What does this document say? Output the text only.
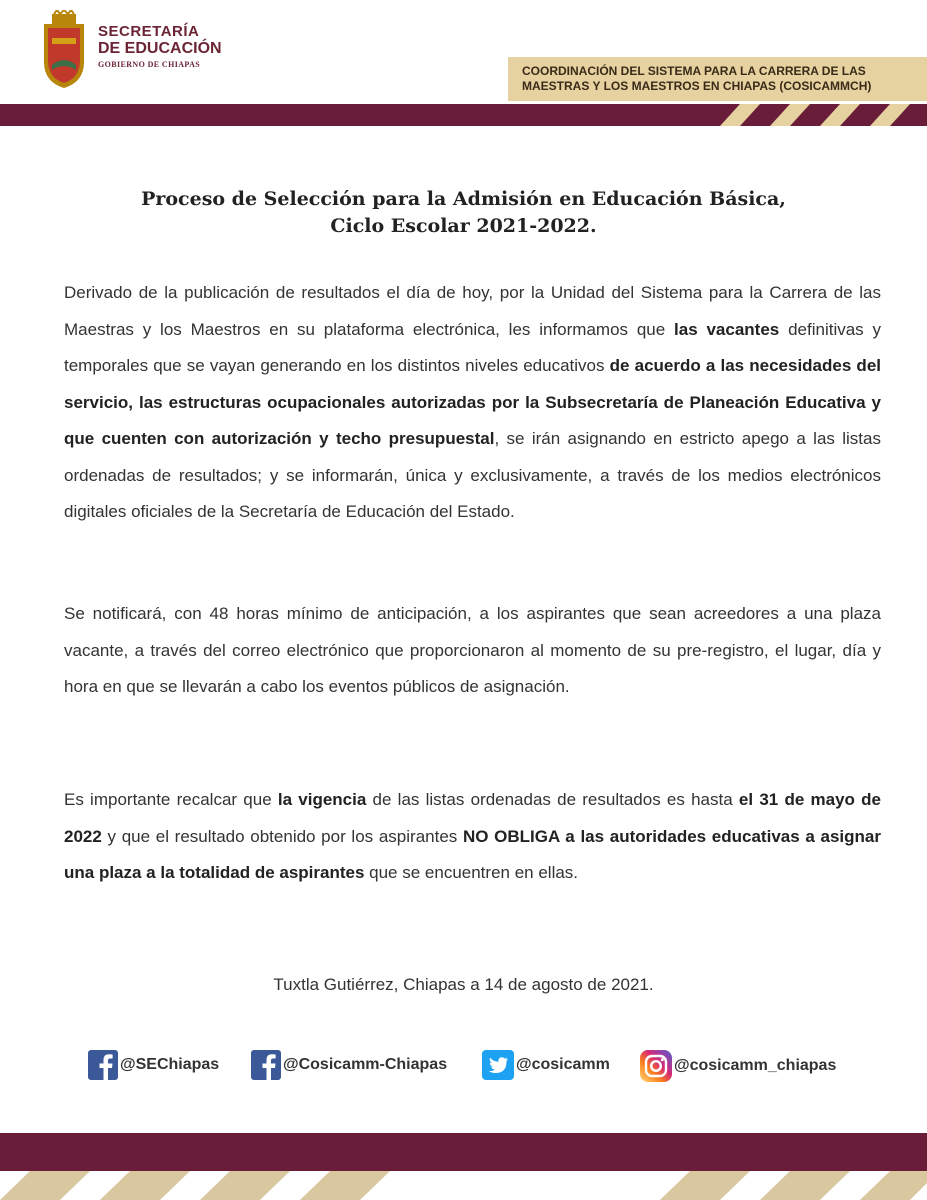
SECRETARÍA
DE EDUCACIÓN
GOBIERNO DE CHIAPAS	COORDINACIÓN DEL SISTEMA PARA LA CARRERA DE LAS MAESTRAS Y LOS MAESTROS EN CHIAPAS (COSICAMMCH)
Proceso de Selección para la Admisión en Educación Básica,
Ciclo Escolar 2021-2022.
Derivado de la publicación de resultados el día de hoy, por la Unidad del Sistema para la Carrera de las Maestras y los Maestros en su plataforma electrónica, les informamos que las vacantes definitivas y temporales que se vayan generando en los distintos niveles educativos de acuerdo a las necesidades del servicio, las estructuras ocupacionales autorizadas por la Subsecretaría de Planeación Educativa y que cuenten con autorización y techo presupuestal, se irán asignando en estricto apego a las listas ordenadas de resultados; y se informarán, única y exclusivamente, a través de los medios electrónicos digitales oficiales de la Secretaría de Educación del Estado.
Se notificará, con 48 horas mínimo de anticipación, a los aspirantes que sean acreedores a una plaza vacante, a través del correo electrónico que proporcionaron al momento de su pre-registro, el lugar, día y hora en que se llevarán a cabo los eventos públicos de asignación.
Es importante recalcar que la vigencia de las listas ordenadas de resultados es hasta el 31 de mayo de 2022 y que el resultado obtenido por los aspirantes NO OBLIGA a las autoridades educativas a asignar una plaza a la totalidad de aspirantes que se encuentren en ellas.
Tuxtla Gutiérrez, Chiapas a 14 de agosto de 2021.
@SEChiapas	@Cosicamm-Chiapas	@cosicamm	@cosicamm_chiapas
